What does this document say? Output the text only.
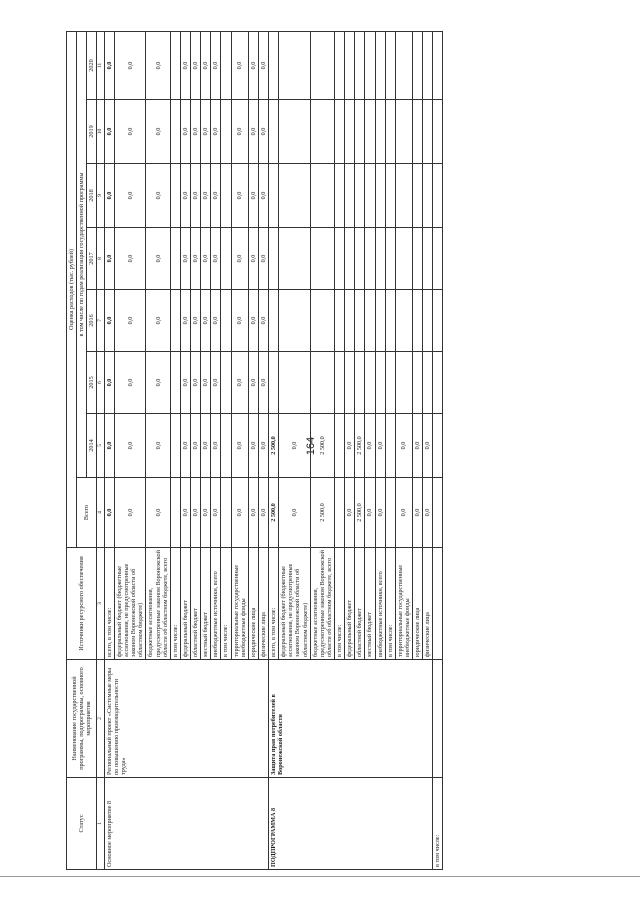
164
Статус	Наименование государственной программы, подпрограммы, основного мероприятия	Источники ресурсного обеспечения	Оценка расходов (тыс. рублей)							
			Всего	в том числе по годам реализации государственной программы						
				2014	2015	2016	2017	2018	2019	2020
1	2	3	4	5	6	7	8	9	10	11
Основное мероприятие 8	Региональный проект «Системные меры по повышению производительности труда»	всего, в том числе:	0,0	0,0	0,0	0,0	0,0	0,0	0,0	0,0
		федеральный бюджет (бюджетные ассигнования, не предусмотренные законом Воронежской области об областном бюджете)	0,0	0,0	0,0	0,0	0,0	0,0	0,0	0,0
		бюджетные ассигнования, предусмотренные законом Воронежской области об областном бюджете, всего	0,0	0,0	0,0	0,0	0,0	0,0	0,0	0,0
		в том числе:								
		федеральный бюджет	0,0	0,0	0,0	0,0	0,0	0,0	0,0	0,0
		областной бюджет	0,0	0,0	0,0	0,0	0,0	0,0	0,0	0,0
		местный бюджет	0,0	0,0	0,0	0,0	0,0	0,0	0,0	0,0
		внебюджетные источники, всего	0,0	0,0	0,0	0,0	0,0	0,0	0,0	0,0
		в том числе:								
		территориальные государственные внебюджетные фонды	0,0	0,0	0,0	0,0	0,0	0,0	0,0	0,0
		юридические лица	0,0	0,0	0,0	0,0	0,0	0,0	0,0	0,0
		физические лица	0,0	0,0	0,0	0,0	0,0	0,0	0,0	0,0
ПОДПРОГРАММА 8	Защита прав потребителей в Воронежской области	всего, в том числе:	2 500,0	2 500,0						
		федеральный бюджет (бюджетные ассигнования, не предусмотренные законом Воронежской области об областном бюджете)	0,0	0,0						
		бюджетные ассигнования, предусмотренные законом Воронежской области об областном бюджете, всего	2 500,0	2 500,0						
		в том числе:								
		федеральный бюджет	0,0	0,0						
		областной бюджет	2 500,0	2 500,0						
		местный бюджет	0,0	0,0						
		внебюджетные источники, всего	0,0	0,0						
		в том числе:								
		территориальные государственные внебюджетные фонды	0,0	0,0						
		юридические лица	0,0	0,0						
		физические лица	0,0	0,0						
в том числе:										
